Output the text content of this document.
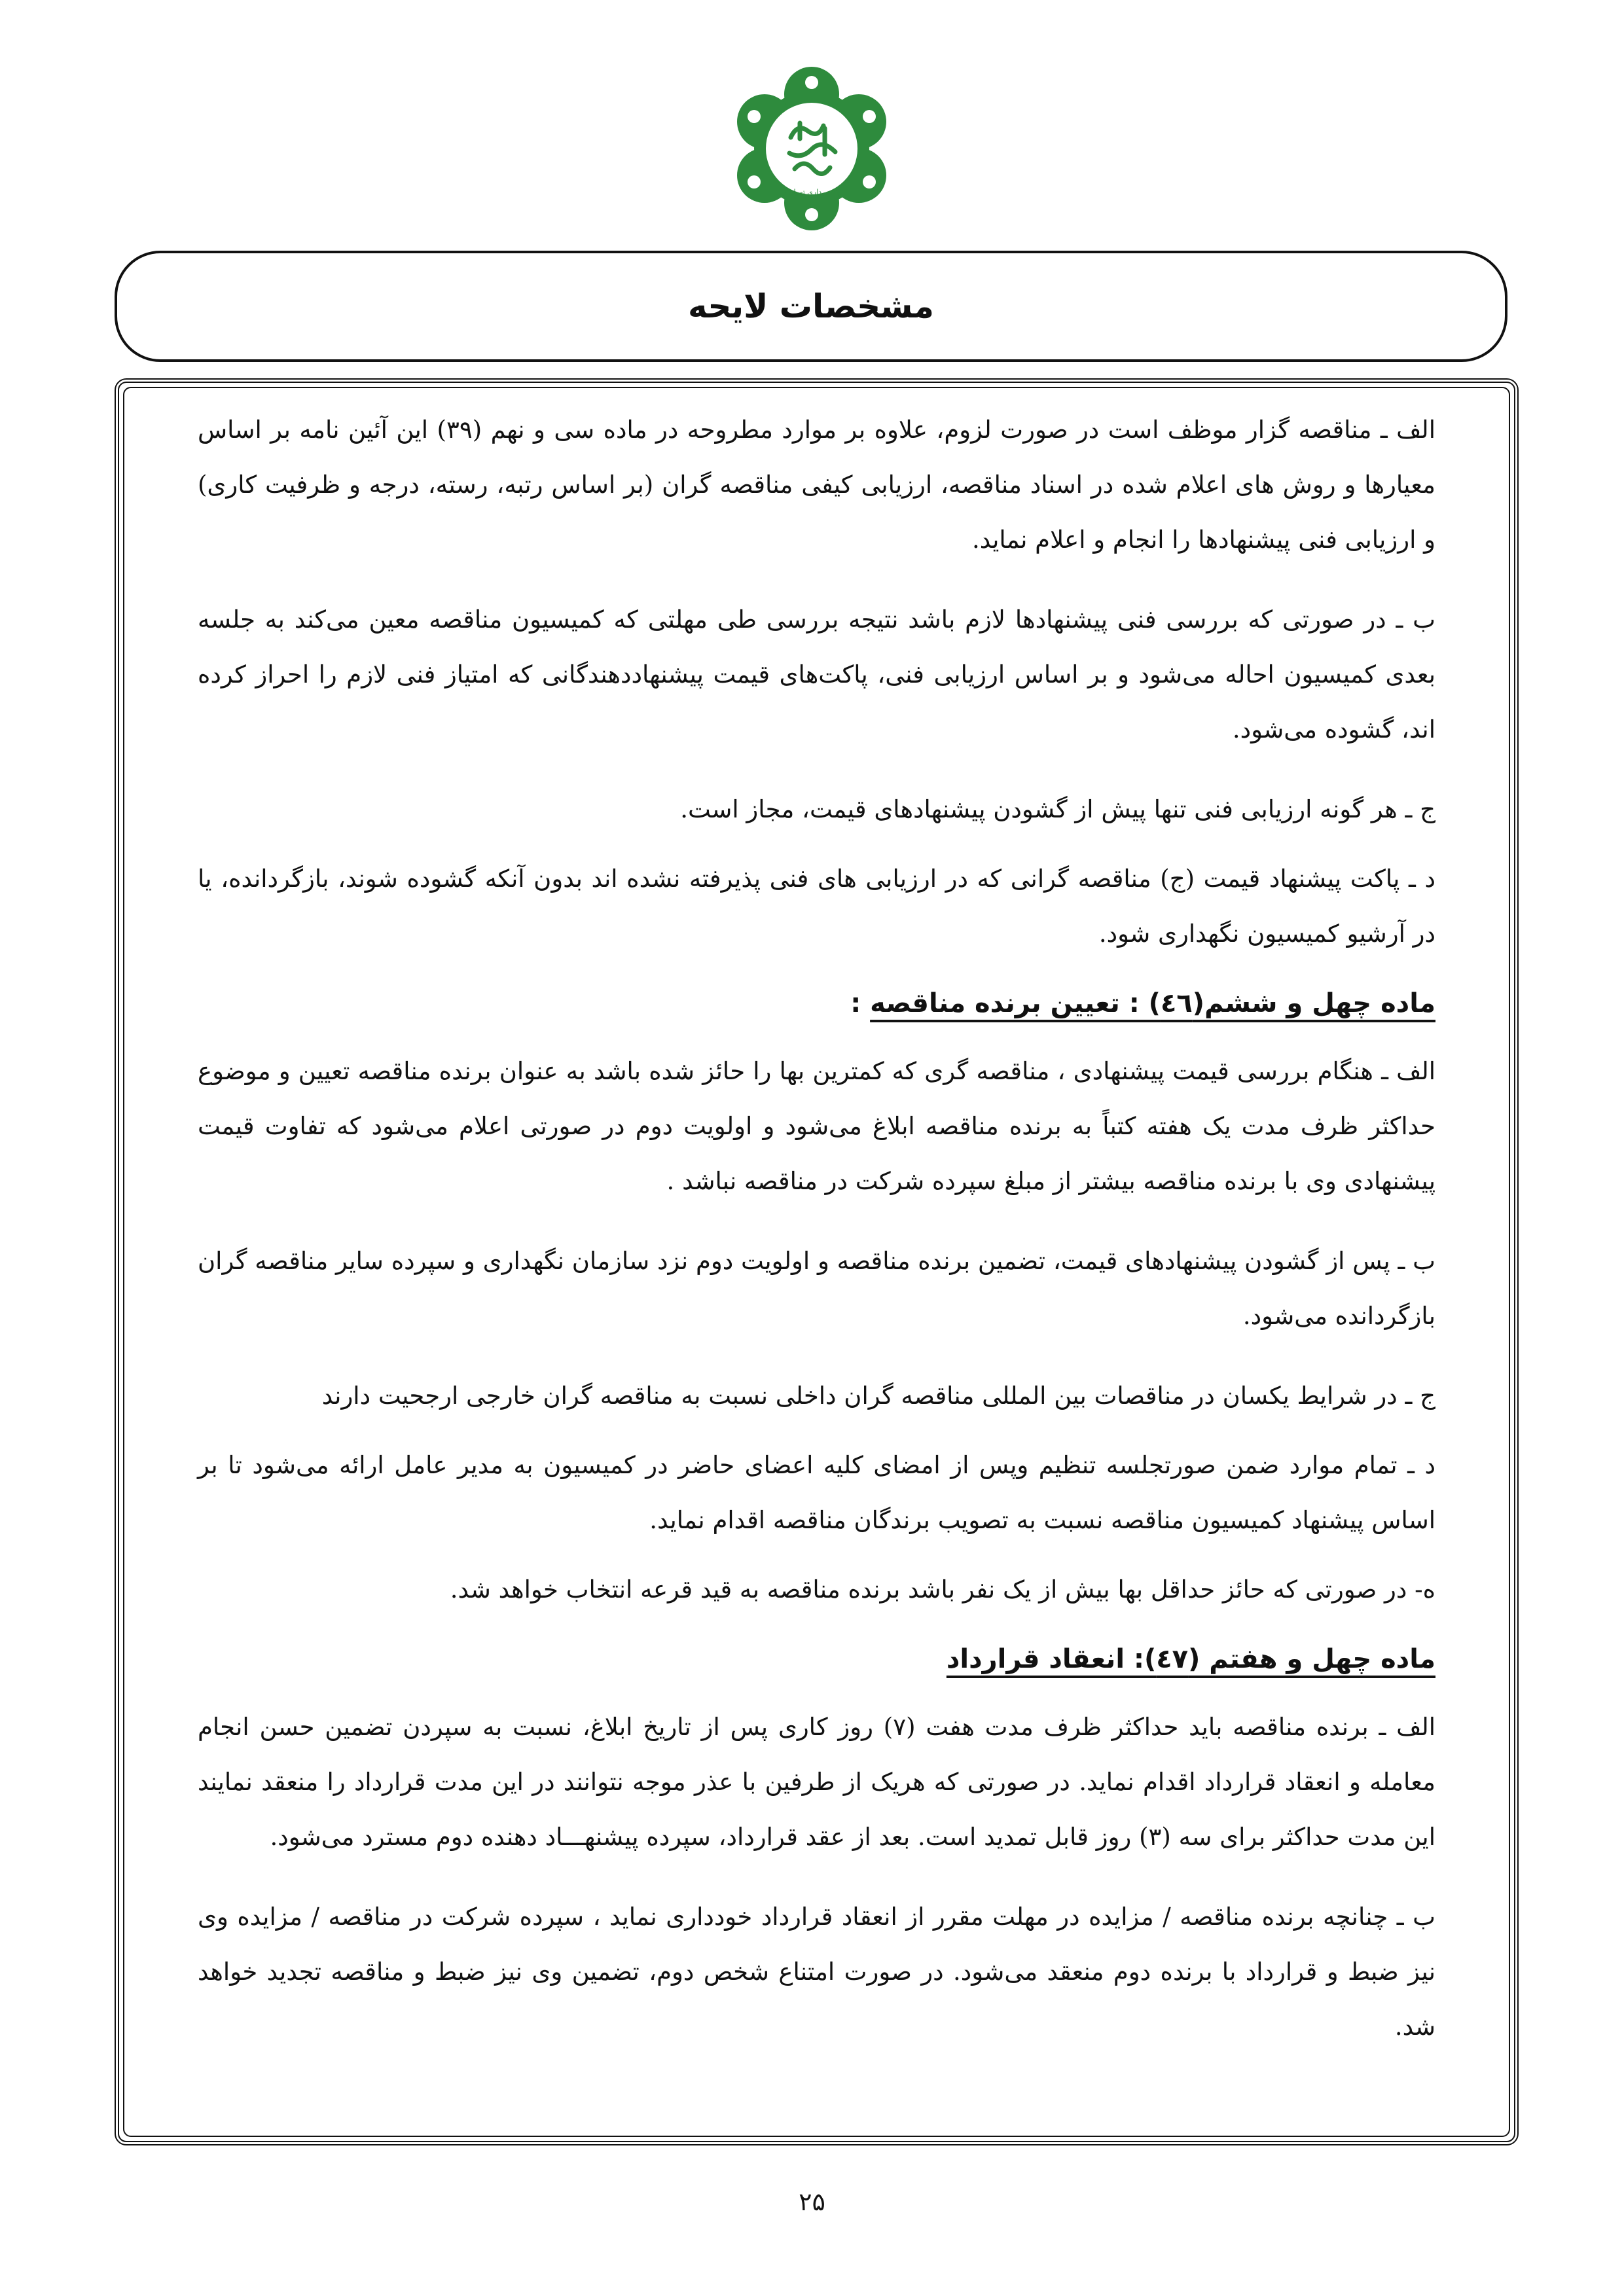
شهرداری تهران
مشخصات لایحه

الف ـ مناقصه گزار موظف است در صورت لزوم، علاوه بر موارد مطروحه در ماده سی و نهم (۳۹) این آئین نامه بر اساس معیارها و روش های اعلام شده در اسناد مناقصه، ارزیابی کیفی مناقصه گران (بر اساس رتبه، رسته، درجه و ظرفیت کاری) و ارزیابی فنی پیشنهادها را انجام و اعلام نماید.

ب ـ در صورتی که بررسی فنی پیشنهادها لازم باشد نتیجه بررسی طی مهلتی که کمیسیون مناقصه معین می‌کند به جلسه بعدی کمیسیون احاله می‌شود و بر اساس ارزیابی فنی، پاکت‌های قیمت پیشنهاددهندگانی که امتیاز فنی لازم را احراز کرده اند، گشوده می‌شود.

ج ـ هر گونه ارزیابی فنی تنها پیش از گشودن پیشنهادهای قیمت، مجاز است.

د ـ پاکت پیشنهاد قیمت (ج) مناقصه گرانی که در ارزیابی های فنی پذیرفته نشده اند بدون آنکه گشوده شوند، بازگردانده، یا در آرشیو کمیسیون نگهداری شود.

ماده چهل و ششم(٤٦) : تعیین برنده مناقصه :

الف ـ هنگام بررسی قیمت پیشنهادی ، مناقصه گری که کمترین بها را حائز شده باشد به عنوان برنده مناقصه تعیین و موضوع حداکثر ظرف مدت یک هفته کتباً به برنده مناقصه ابلاغ می‌شود و اولویت دوم در صورتی اعلام می‌شود که تفاوت قیمت پیشنهادی وی با برنده مناقصه بیشتر از مبلغ سپرده شرکت در مناقصه نباشد .

ب ـ پس از گشودن پیشنهادهای قیمت، تضمین برنده مناقصه و اولویت دوم نزد سازمان نگهداری و سپرده سایر مناقصه گران بازگردانده می‌شود.

ج ـ در شرایط یکسان در مناقصات بین المللی مناقصه گران داخلی نسبت به مناقصه گران خارجی ارجحیت دارند

د ـ تمام موارد ضمن صورتجلسه تنظیم وپس از امضای کلیه اعضای حاضر در کمیسیون به مدیر عامل ارائه می‌شود تا بر اساس پیشنهاد کمیسیون مناقصه نسبت به تصویب برندگان مناقصه اقدام نماید.

ه- در صورتی که حائز حداقل بها بیش از یک نفر باشد برنده مناقصه به قید قرعه انتخاب خواهد شد.

ماده چهل و هفتم (٤٧): انعقاد قرارداد

الف ـ برنده مناقصه باید حداکثر ظرف مدت هفت (۷) روز کاری پس از تاریخ ابلاغ، نسبت به سپردن تضمین حسن انجام معامله و انعقاد قرارداد اقدام نماید. در صورتی که هریک از طرفین با عذر موجه نتوانند در این مدت قرارداد را منعقد نمایند این مدت حداکثر برای سه (۳) روز قابل تمدید است. بعد از عقد قرارداد، سپرده پیشنهـــاد دهنده دوم مسترد می‌شود.

ب ـ چنانچه برنده مناقصه / مزایده در مهلت مقرر از انعقاد قرارداد خودداری نماید ، سپرده شرکت در مناقصه / مزایده وی نیز ضبط و قرارداد با برنده دوم منعقد می‌شود. در صورت امتناع شخص دوم، تضمین وی نیز ضبط و مناقصه تجدید خواهد شد.

۲۵
